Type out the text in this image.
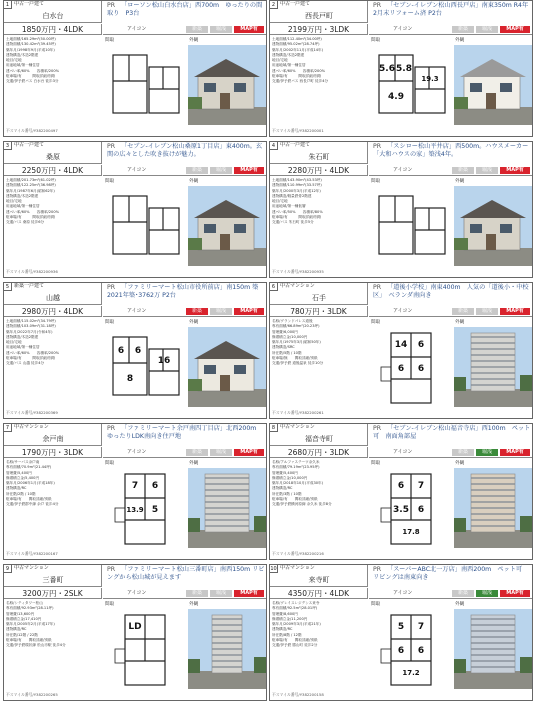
1 中古一戸建て
白水台
PR 「ローソン松山白水台店」西700m　ゆったりの間取り　P3台
1850万円・4LDK	アイコン	新築	堀浅	MAP有
土地面積/165.29m²(50.00坪)
建物面積/130.42m²(39.45坪)
築年月/1998年9月(平成10年)
建物構造/木造2階建
地目/宅地
用途地域/第一種住居
建ぺい率/60%　　容積率/200%
駐車場/有　　　間取詳細/別紙
交通/伊予鉄バス 白水台 徒歩3分
間取	外観
不スマイル番号/Y382200497
2 中古一戸建て
西長戸町
PR 「セブン-イレブン松山西長戸店」南東350m R4年2月末リフォーム済 P2台
2199万円・3LDK	アイコン	新築	堀浅	MAP有
土地面積/112.40m²(34.00坪)
建物面積/95.02m²(28.74坪)
築年月/2002年11月(平成14年)
建物構造/木造2階建
地目/宅地
用途地域/第一種住居
建ぺい率/60%　　容積率/200%
駐車場/有　　　間取詳細/別紙
交通/伊予鉄バス 西長戸町 徒歩4分
間取	外観
5.6 5.8
4.9
19.3
不スマイル番号/Y382200001
3 中古一戸建て
桑原
PR 「セブン-イレブン松山桑原1丁目店」東400m。玄関の広々とした吹き抜けが魅力。
2250万円・4LDK	アイコン	新築	堀浅	MAP有
土地面積/201.73m²(61.02坪)
建物面積/122.25m²(36.98坪)
築年月/1987年6月(昭和62年)
建物構造/木造2階建
地目/宅地
用途地域/第一種住居
建ぺい率/60%　　容積率/200%
駐車場/有　　　間取詳細/別紙
交通/バス 桑原 徒歩6分
間取	外観
不スマイル番号/Y382200936
4 中古一戸建て
朱石町
PR 「スシロー松山平井店」西500m。ハウスメーカー「大和ハウスの家」築浅4年。
2280万円・4LDK	アイコン	新築	堀浅	MAP有
土地面積/143.90m²(43.53坪)
建物面積/110.99m²(33.57坪)
築年月/2000年3月(平成12年)
建物構造/軽量鉄骨2階建
地目/宅地
用途地域/第一種低層
建ぺい率/50%　　容積率/80%
駐車場/有　　　間取詳細/別紙
交通/バス 朱石町 徒歩5分
間取	外観
不スマイル番号/Y382200935
5 新築一戸建て
山越
PR 「ファミリーマート松山市役所前店」南150m 築2021年築･3762万 P2台
2980万円・4LDK	アイコン	新築	堀浅	MAP有
土地面積/115.02m²(34.79坪)
建物面積/103.09m²(31.18坪)
築年月/2022年7月(令和4年)
建物構造/木造2階建
地目/宅地
用途地域/第一種住居
建ぺい率/60%　　容積率/200%
駐車場/有　　　間取詳細/別紙
交通/バス 山越 徒歩4分
間取	外観
6 6
8
16
不スマイル番号/Y382200369
6 中古マンション
石手
PR 「道後小学校」南東400m　人気の「道後小・中校区」　ベランダ南向き
780万円・3LDK	アイコン	新築	堀浅	MAP有
名称/グランドパレス道後
専有面積/66.89m²(20.23坪)
管理費/6,000円
修繕積立金/10,000円
築年月/1975年3月(昭和50年)
建物構造/SRC
所在階/5階 / 10階
駐車場/無　　間取詳細/別紙
交通/伊予鉄 道後温泉 徒歩10分
間取	外観
14 6
6 6
不スマイル番号/Y382200261
7 中古マンション
余戸南
PR 「ファミリーマート余戸南四丁目店」北西200m　ゆったりLDK南向き住戸地
1790万円・3LDK	アイコン	新築	堀浅	MAP有
名称/サーパス余戸南
専有面積/70.9m²(21.44坪)
管理費/5,400円
修繕積立金/5,400円
築年月/2006年1月(平成18年)
建物構造/RC
所在階/2階 / 10階
駐車場/有　　間取詳細/別紙
交通/伊予鉄郡中線 余戸 徒歩4分
間取	外観
7 6
13.9 5
不スマイル番号/Y382200167
8 中古マンション
福音寺町
PR 「セブン-イレブン松山福音寺店」西100m　ペット可　南面角部屋
2680万円・3LDK	アイコン	新築	堀浅	MAP有
名称/アルファステーツ余久米
専有面積/79.19m²(23.95坪)
管理費/5,400円
修繕積立金/10,000円
築年月/2018年10月(平成30年)
建物構造/RC
所在階/3階 / 10階
駐車場/有　　間取詳細/別紙
交通/伊予鉄横河原線 余久米 徒歩8分
間取	外観
6 7
3.5 6
17.8
不スマイル番号/Y382200216
9 中古マンション
三番町
PR 「ファミリーマート松山三番町店」南西150m リビングから松山城が見えます
3200万円・2SLK	アイコン	新築	堀浅	MAP有
名称/シティタワー松山
専有面積/92.93m²(28.11坪)
管理費/13,600円
修繕積立金/17,410円
築年月/2005年2月(平成17年)
建物構造/RC
所在階/12階 / 22階
駐車場/有　　間取詳細/別紙
交通/伊予鉄環状線 松山市駅 徒歩4分
間取	外観
LD
不スマイル番号/Y382200265
10 中古マンション
来寺町
PR 「スーパーABC北一万店」南西200m　ペット可　リビングは南東向き
4350万円・4LDK	アイコン	新築	堀浅	MAP有
名称/グレイスレジデンス来寺
専有面積/92.5m²(28.01坪)
管理費/8,600円
修繕積立金/11,200円
築年月/2009年3月(平成21年)
建物構造/RC
所在階/8階 / 12階
駐車場/有　　間取詳細/別紙
交通/伊予鉄 勝山町 徒歩2分
間取	外観
5 7
6 6
17.2
不スマイル番号/Y382200158
